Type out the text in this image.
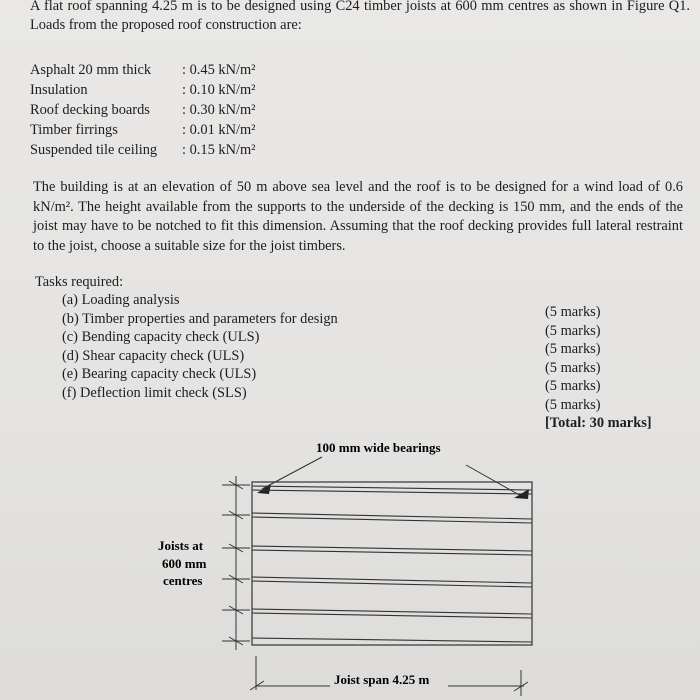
A flat roof spanning 4.25 m is to be designed using C24 timber joists at 600 mm centres as shown in Figure Q1. Loads from the proposed roof construction are:
Asphalt 20 mm thick : 0.45 kN/m²
Insulation	: 0.10 kN/m²
Roof decking boards : 0.30 kN/m²
Timber firrings	: 0.01 kN/m²
Suspended tile ceiling : 0.15 kN/m²
The building is at an elevation of 50 m above sea level and the roof is to be designed for a wind load of 0.6 kN/m². The height available from the supports to the underside of the decking is 150 mm, and the ends of the joist may have to be notched to fit this dimension. Assuming that the roof decking provides full lateral restraint to the joist, choose a suitable size for the joist timbers.
Tasks required:
(a) Loading analysis
(b) Timber properties and parameters for design
(c) Bending capacity check (ULS)
(d) Shear capacity check (ULS)
(e) Bearing capacity check (ULS)
(f) Deflection limit check (SLS)
(5 marks)
(5 marks)
(5 marks)
(5 marks)
(5 marks)
(5 marks)
[Total: 30 marks]
100 mm wide bearings
Joists at
600 mm
centres
Joist span 4.25 m
